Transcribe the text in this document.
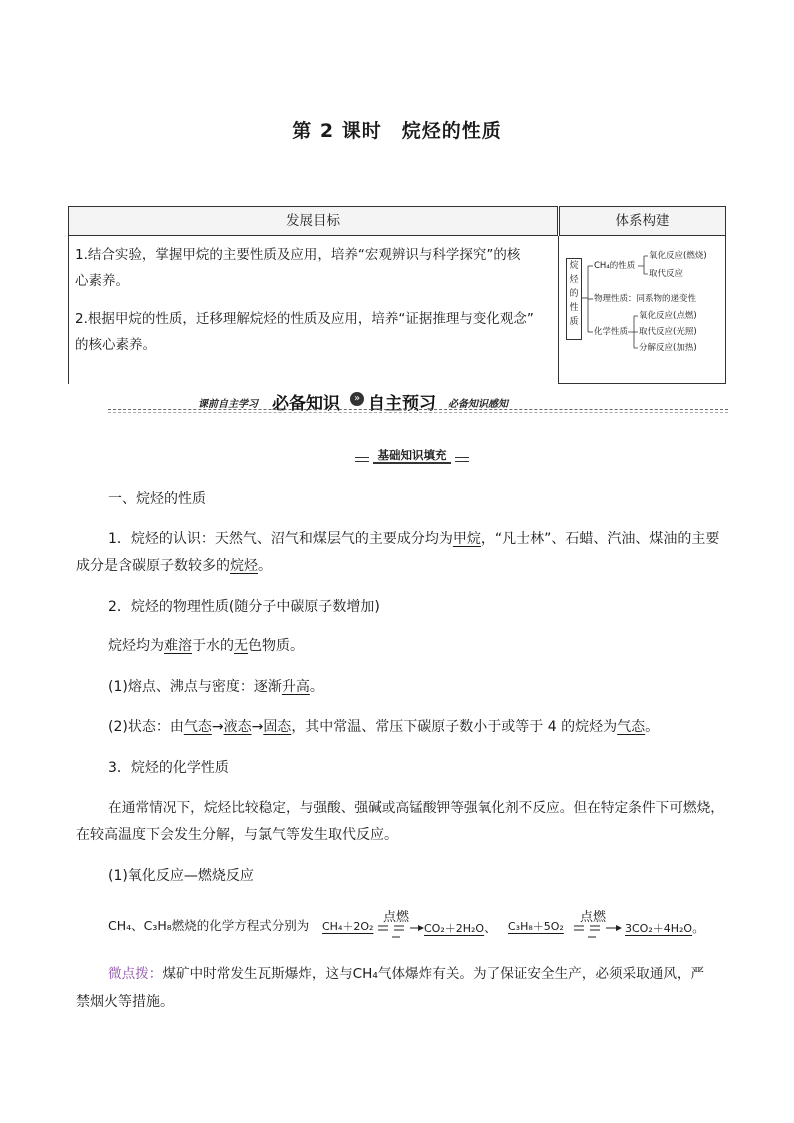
第 2 课时 烷烃的性质
发展目标	体系构建

1.结合实验，掌握甲烷的主要性质及应用，培养“宏观辨识与科学探究”的核
心素养。

2.根据甲烷的性质，迁移理解烷烃的性质及应用，培养“证据推理与变化观念”
的核心素养。

烷
烃
的
性
质
CH₄的性质
氧化反应(燃烧)
取代反应
物理性质：同系物的递变性
化学性质
氧化反应(点燃)
取代反应(光照)
分解反应(加热)
课前自主学习 必备知识	» 自主预习 必备知识感知
基础知识填充
一、烷烃的性质
1．烷烃的认识：天然气、沼气和煤层气的主要成分均为甲烷，“凡士林”、石蜡、汽油、煤油的主要
成分是含碳原子数较多的烷烃。
2．烷烃的物理性质(随分子中碳原子数增加)
烷烃均为难溶于水的无色物质。
(1)熔点、沸点与密度：逐渐升高。
(2)状态：由气态→液态→固态，其中常温、常压下碳原子数小于或等于 4 的烷烃为气态。
3．烷烃的化学性质
在通常情况下，烷烃比较稳定，与强酸、强碱或高锰酸钾等强氧化剂不反应。但在特定条件下可燃烧，
在较高温度下会发生分解，与氯气等发生取代反应。
(1)氧化反应—燃烧反应
CH₄、C₃H₈燃烧的化学方程式分别为 CH₄＋2O₂
点燃
CO₂＋2H₂O、 C₃H₈＋5O₂
点燃
3CO₂＋4H₂O。
微点拨：煤矿中时常发生瓦斯爆炸，这与CH₄气体爆炸有关。为了保证安全生产，必须采取通风，严
禁烟火等措施。
